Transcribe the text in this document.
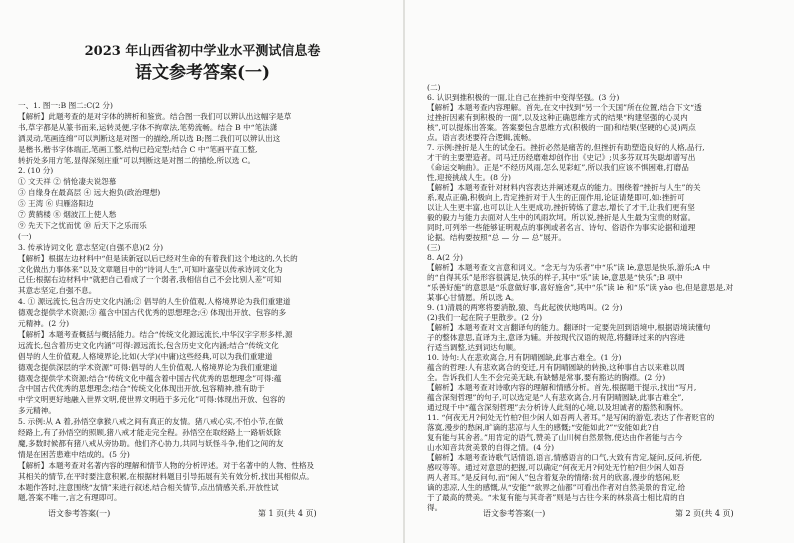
2023 年山西省初中学业水平测试信息卷
语文参考答案(一)
一、1. 图一:B 图二:C(2 分)
【解析】此题考查的是对字体的辨析和鉴赏。结合图一我们可以辨认出这幅字是草
书,草字都是从篆书而来,运转灵便,字体不拘章法,笔势流畅。结合 B 中“笔法潇
洒灵动,笔画连绵”可以判断这是对图一的描绘,所以选 B;图二我们可以辨认出这
是楷书,楷书字体端正,笔画工整,结构已趋定型;结合 C 中“笔画平直工整,
转折处多用方笔,显得深刻庄重”可以判断这是对图二的描绘,所以选 C。
2. (10 分)
① 文天祥 ② 悄怆凄夫说怨慕
③ 自缘身在最高层 ④ 远大抱负(政治理想)
⑤ 王湾 ⑥ 归雁洛阳边
⑦ 黄鹤楼 ⑧ 烟波江上使人愁
⑨ 先天下之忧而忧 ⑩ 后天下之乐而乐
(一)
3. 传承诗词文化 意志坚定(自强不息)(2 分)
【解析】根据左边材料中“但是读新冠以后已经对生命的有着我们这个地这的,久长的
文化做出力事体来”以及文章题目中的“诗词人生”,可知叶嘉莹以传承诗词文化为
己任;根据右边材料中“就把自己看成了一个弱者,我相信自己不会比别人差”可知
其意志坚定,自强不息。
4. ① 源远流长,包含历史文化内涵;② 倡导的人生价值观,人格境界论为我们重建道
德观念提供学术资源;③ 蕴含中国古代优秀的思想理念;④ 体现出开放、包容的多
元精神。(2 分)
【解析】本题考查概括与概括能力。结合“传统文化源远流长,中华汉字字形多样,源
远流长,包含着历史文化内涵”可得:源远流长,包含历史文化内涵;结合“传统文化
倡导的人生价值观,人格境界论,比如(大学)(中庸)这些经典,可以为我们重建道
德观念提供深层的学术资源”可得:倡导的人生价值观,人格境界论为我们重建道
德观念提供学术资源;结合“传统文化中蕴含着中国古代优秀的思想理念”可得:蕴
含中国古代优秀的思想理念;结合“传统文化体现出开放,包容精神,推有助于
中学文明更好地融入世界文明,使世界文明趋于多元化”可得:体现出开放、包容的
多元精神。
5. 示例:从 A 着,孙悟空拿猴八戒之间有真正的友情。猪八戒心实,不怕小节,在做
经路上,有了孙悟空的照顾,猪八戒才能走完全程。孙悟空在取经路上一路斩妖除
魔,多数时候都有猪八戒从旁协助。他们齐心协力,共同与妖怪斗争,他们之间的友
情是在困苦患难中结成的。(5 分)
【解析】本题考查对名著内容的理解和情节人物的分析评述。对于名著中的人物、性格及
其相关的情节,在平时要注意积累,在根据材料题目引导拓展有关有效分析,找出其相似点。
本题作答时,注意围绕“友情”来进行叙述,结合相关情节,点出情感关系,开放性试
题,答案不唯一,言之有理即可。
语文参考答案(一)	第 1 页(共 4 页)
(二)
6. 认识到推积极的一面,让自己在挫折中变得坚强。(3 分)
【解析】本题考查内容理解。首先,在文中找到“另一个天国”所在位置,结合下文“透
过挫折因素有到积极的一面”,以及这种正确思维方式的结果“构建坚强的心灵内
核”,可以提炼出答案。答案要包含思维方式(积极的一面)和结果(坚硬的心灵)两点
点。语言表述要符合逻辑,流畅。
7. 示例:挫折是人生的试金石。挫折必然是痛苦的,但挫折有助塑造良好的人格,品行,
才干的主要塑造者。司马迁历经磨难却创作出《史记》;贝多芬双耳失聪却谱写出
《命运交响曲》。正是“不经历风雨,怎么见彩虹”,所以我们应该不惧困难,打磨品
性,迎接挑战人生。(8 分)
【解析】本题考查针对材料内容表达并阐述观点的能力。围绕着“挫折与人生”的关
系,观点正确,积极向上,肯定挫折对于人生的正面作用,论证请楚即可,如:挫折可
以让人生更丰富,也可以让人生更成功,挫折铸炼了意志,增长了才干,让我们更有坚
毅的毅力与能力去面对人生中的风雨坎坷。所以说,挫折是人生最为宝贵的财富。
同时,可列举一些能够证明观点的事例或者名言、诗句、俗语作为事实论据和道理
论据。结构要按照“总 — 分 — 总”展开。
(三)
8. A(2 分)
【解析】本题考查文言意和词义。“念无与为乐者”中“乐”读 lè,意思是快乐,游乐;A 中
的“自得其乐”是形容很满足,快乐的样子,其中“乐”读 lè,意思是“快乐”;B 项中
“乐善好施”的意思是“乐意做好事,喜好施舍”,其中“乐”读 lè 和“乐”读 yào 也,但是意思是,对
某事心甘情愿。所以选 A。
9. (1)清晨的两寒将要消散,猿、鸟此起彼伏地鸣叫。(2 分)
(2)我们一起在院子里散步。(2 分)
【解析】本题考查对文言翻译句的能力。翻译时一定要先回到语境中,根据语境读懂句
子的整体意思,直译为主,意译为辅。并按现代汉语的规范,将翻译过来的内容进
行适当调整,达到词达句顺。
10. 诗句:人在悲欢离合,月有阴晴圆缺,此事古难全。(1 分)
蕴含的哲理:人有悲欢离合的变迁,月有阴晴圆缺的转换,这种事自古以来难以周
全。告诉我们人生不会完美无缺,有缺憾是常事,要有豁达的胸襟。(2 分)
【解析】本题考查对诗歌内容的理解和情感分析。首先,根据题干提示,找出“写月,
蕴含深刻哲理”的句子,可以选定是“人有悲欢离合,月有阴晴圆缺,此事古难全”,
通过现千中“蕴含深刻哲理”去分析诗人此刻的心境,以及坦诚者的豁然和胸怀。
11. “何夜无月?何处无竹柏?但少闲人如吾两人者耳。”是写闲的游览,表达了作者贬官的
落寞,漫步的愁闲,旷谪的悲凉与人生的感慨;“安能如此?”“安能如此?自
复有能与其舍者。”用肯定的语气,赞美了山川树自然景物,使达由作者能与古今
山水知音共赏美景的自得之情。(4 分)
【解析】本题考查诗歌气话情语,语言,情感语言的口气,大致有肯定,疑问,反问,祈使,
感叹等等。通过对意思的把握,可以确定“何夜无月?何处无竹柏?但少闲人如吾
两人者耳。”是反问句,而“闲人”包含着复杂的情绪:贫月的欣喜,漫步的悠闲,贬
谪的悲凉,人生的感慨,从“安能”“欲界之仙都”可看出作者对自然美景的肯定,给
于了最高的赞美。“未复有能与其奇者”则是与古往今来的林泉高士相比肩的自
得。
语文参考答案(一)	第 2 页(共 4 页)
